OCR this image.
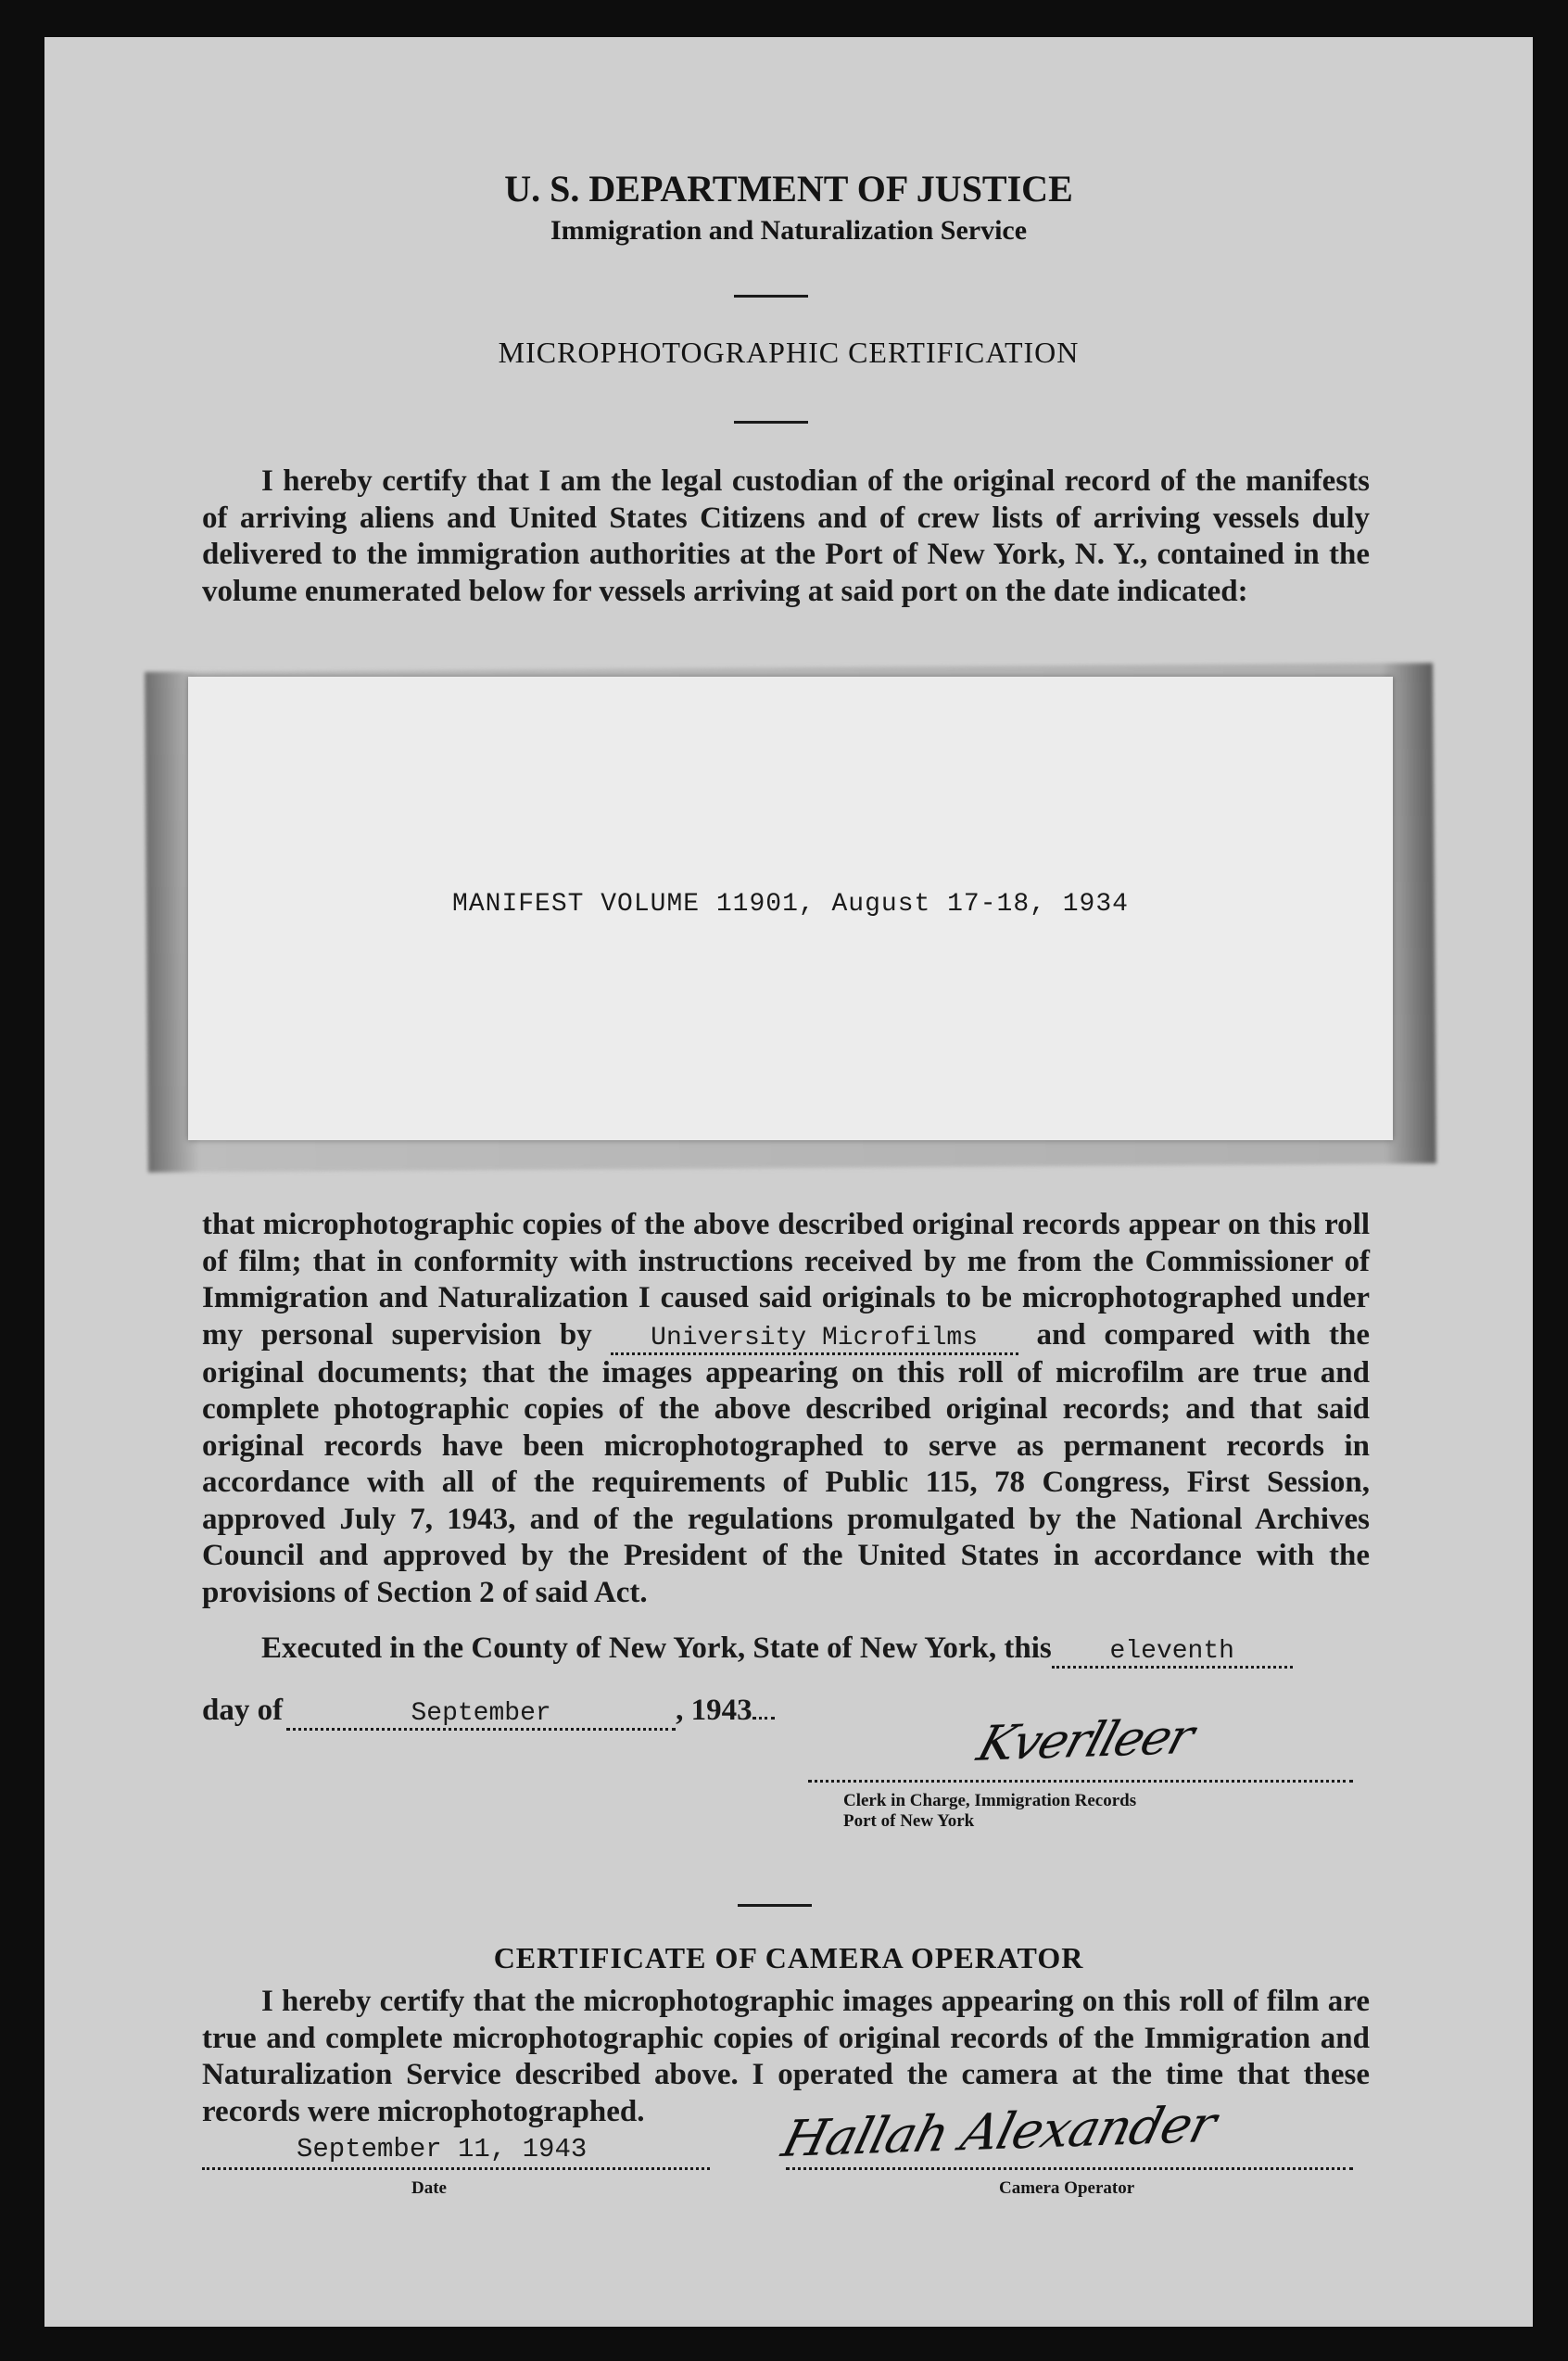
U. S. DEPARTMENT OF JUSTICE
Immigration and Naturalization Service
MICROPHOTOGRAPHIC CERTIFICATION

I hereby certify that I am the legal custodian of the original record of the manifests of arriving aliens and United States Citizens and of crew lists of arriving vessels duly delivered to the immigration authorities at the Port of New York, N. Y., contained in the volume enumerated below for vessels arriving at said port on the date indicated:

MANIFEST VOLUME 11901, August 17-18, 1934

that microphotographic copies of the above described original records appear on this roll of film; that in conformity with instructions received by me from the Commissioner of Immigration and Naturalization I caused said originals to be microphotographed under my personal supervision by University Microfilms and compared with the original documents; that the images appearing on this roll of microfilm are true and complete photographic copies of the above described original records; and that said original records have been microphotographed to serve as permanent records in accordance with all of the requirements of Public 115, 78 Congress, First Session, approved July 7, 1943, and of the regulations promulgated by the National Archives Council and approved by the President of the United States in accordance with the provisions of Section 2 of said Act.

Executed in the County of New York, State of New York, this eleventh
day of	September	, 1943	Kverlleer
Clerk in Charge, Immigration Records
Port of New York
CERTIFICATE OF CAMERA OPERATOR

I hereby certify that the microphotographic images appearing on this roll of film are true and complete microphotographic copies of original records of the Immigration and Naturalization Service described above. I operated the camera at the time that these records were microphotographed.

September 11, 1943
Date
Hallah Alexander
Camera Operator
